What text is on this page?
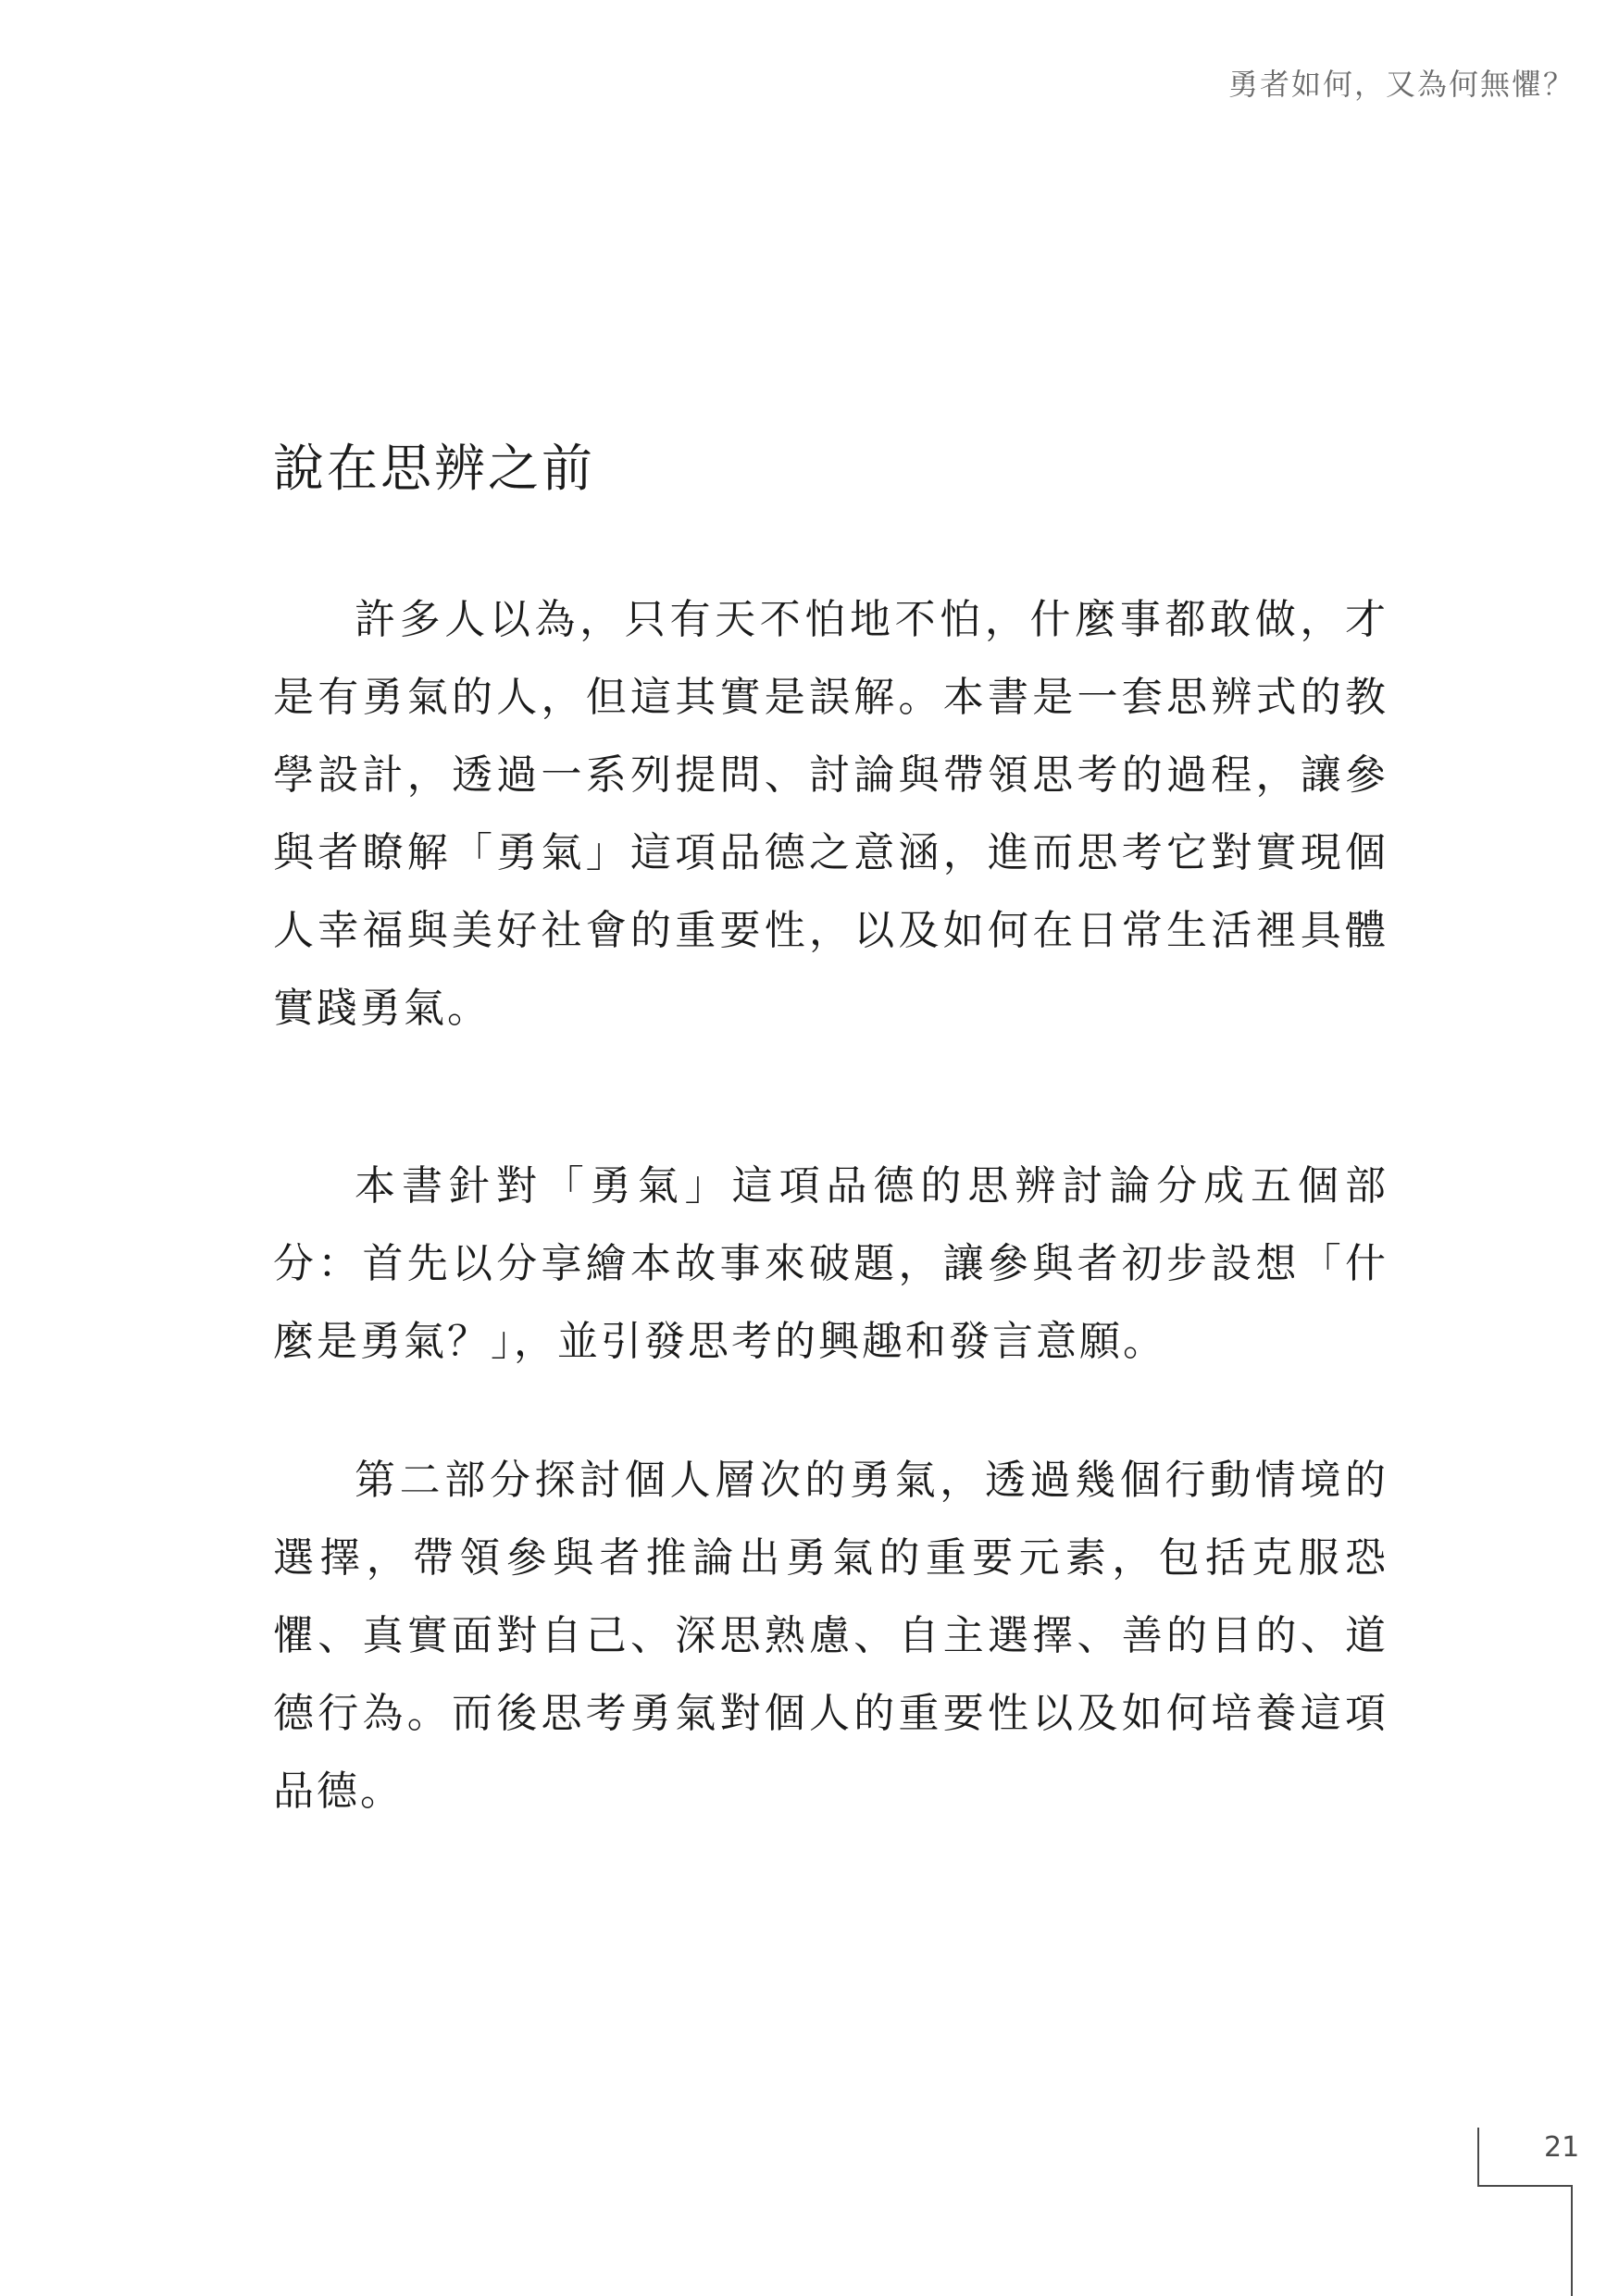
勇者如何，又為何無懼？
說在思辨之前

許多人以為，只有天不怕地不怕，什麼事都敢做，才是有勇氣的人，但這其實是誤解。本書是一套思辨式的教學設計，透過一系列提問、討論與帶領思考的過程，讓參與者瞭解「勇氣」這項品德之意涵，進而思考它對實現個人幸福與美好社會的重要性，以及如何在日常生活裡具體實踐勇氣。

本書針對「勇氣」這項品德的思辨討論分成五個部分：首先以分享繪本故事來破題，讓參與者初步設想「什麼是勇氣？」，並引發思考的興趣和發言意願。

第二部分探討個人層次的勇氣，透過幾個行動情境的選擇，帶領參與者推論出勇氣的重要元素，包括克服恐懼、真實面對自己、深思熟慮、自主選擇、善的目的、道德行為。而後思考勇氣對個人的重要性以及如何培養這項品德。

21
